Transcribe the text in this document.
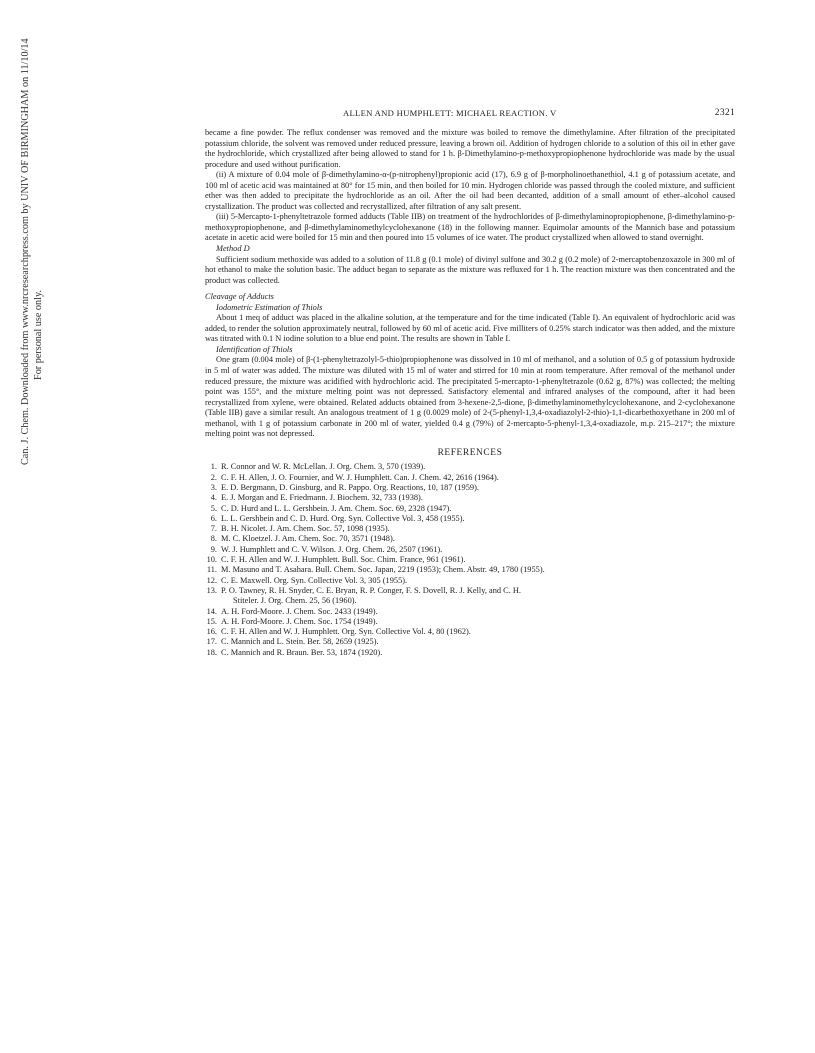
Can. J. Chem. Downloaded from www.nrcresearchpress.com by UNIV OF BIRMINGHAM on 11/10/14 For personal use only.
ALLEN AND HUMPHLETT: MICHAEL REACTION. V	2321

became a fine powder. The reflux condenser was removed and the mixture was boiled to remove the dimethylamine. After filtration of the precipitated potassium chloride, the solvent was removed under reduced pressure, leaving a brown oil. Addition of hydrogen chloride to a solution of this oil in ether gave the hydrochloride, which crystallized after being allowed to stand for 1 h. β-Dimethylamino-p-methoxypropiophenone hydrochloride was made by the usual procedure and used without purification.

(ii) A mixture of 0.04 mole of β-dimethylamino-α-(p-nitrophenyl)propionic acid (17), 6.9 g of β-morpholinoethanethiol, 4.1 g of potassium acetate, and 100 ml of acetic acid was maintained at 80° for 15 min, and then boiled for 10 min. Hydrogen chloride was passed through the cooled mixture, and sufficient ether was then added to precipitate the hydrochloride as an oil. After the oil had been decanted, addition of a small amount of ether–alcohol caused crystallization. The product was collected and recrystallized, after filtration of any salt present.

(iii) 5-Mercapto-1-phenyltetrazole formed adducts (Table IIB) on treatment of the hydrochlorides of β-dimethylaminopropiophenone, β-dimethylamino-p-methoxypropiophenone, and β-dimethylaminomethylcyclohexanone (18) in the following manner. Equimolar amounts of the Mannich base and potassium acetate in acetic acid were boiled for 15 min and then poured into 15 volumes of ice water. The product crystallized when allowed to stand overnight.

Method D

Sufficient sodium methoxide was added to a solution of 11.8 g (0.1 mole) of divinyl sulfone and 30.2 g (0.2 mole) of 2-mercaptobenzoxazole in 300 ml of hot ethanol to make the solution basic. The adduct began to separate as the mixture was refluxed for 1 h. The reaction mixture was then concentrated and the product was collected.

Cleavage of Adducts

Iodometric Estimation of Thiols

About 1 meq of adduct was placed in the alkaline solution, at the temperature and for the time indicated (Table I). An equivalent of hydrochloric acid was added, to render the solution approximately neutral, followed by 60 ml of acetic acid. Five milliters of 0.25% starch indicator was then added, and the mixture was titrated with 0.1 N iodine solution to a blue end point. The results are shown in Table I.

Identification of Thiols

One gram (0.004 mole) of β-(1-phenyltetrazolyl-5-thio)propiophenone was dissolved in 10 ml of methanol, and a solution of 0.5 g of potassium hydroxide in 5 ml of water was added. The mixture was diluted with 15 ml of water and stirred for 10 min at room temperature. After removal of the methanol under reduced pressure, the mixture was acidified with hydrochloric acid. The precipitated 5-mercapto-1-phenyltetrazole (0.62 g, 87%) was collected; the melting point was 155°, and the mixture melting point was not depressed. Satisfactory elemental and infrared analyses of the compound, after it had been recrystallized from xylene, were obtained. Related adducts obtained from 3-hexene-2,5-dione, β-dimethylaminomethylcyclohexanone, and 2-cyclohexanone (Table IIB) gave a similar result. An analogous treatment of 1 g (0.0029 mole) of 2-(5-phenyl-1,3,4-oxadiazolyl-2-thio)-1,1-dicarbethoxyethane in 200 ml of methanol, with 1 g of potassium carbonate in 200 ml of water, yielded 0.4 g (79%) of 2-mercapto-5-phenyl-1,3,4-oxadiazole, m.p. 215–217°; the mixture melting point was not depressed.

REFERENCES
1. R. Connor and W. R. McLellan. J. Org. Chem. 3, 570 (1939).
2. C. F. H. Allen, J. O. Fournier, and W. J. Humphlett. Can. J. Chem. 42, 2616 (1964).
3. E. D. Bergmann, D. Ginsburg, and R. Pappo. Org. Reactions, 10, 187 (1959).
4. E. J. Morgan and E. Friedmann. J. Biochem. 32, 733 (1938).
5. C. D. Hurd and L. L. Gershbein. J. Am. Chem. Soc. 69, 2328 (1947).
6. L. L. Gershbein and C. D. Hurd. Org. Syn. Collective Vol. 3, 458 (1955).
7. B. H. Nicolet. J. Am. Chem. Soc. 57, 1098 (1935).
8. M. C. Kloetzel. J. Am. Chem. Soc. 70, 3571 (1948).
9. W. J. Humphlett and C. V. Wilson. J. Org. Chem. 26, 2507 (1961).
10. C. F. H. Allen and W. J. Humphlett. Bull. Soc. Chim. France, 961 (1961).
11. M. Masuno and T. Asahara. Bull. Chem. Soc. Japan, 2219 (1953); Chem. Abstr. 49, 1780 (1955).
12. C. E. Maxwell. Org. Syn. Collective Vol. 3, 305 (1955).
13. P. O. Tawney, R. H. Snyder, C. E. Bryan, R. P. Conger, F. S. Dovell, R. J. Kelly, and C. H.
Stiteler. J. Org. Chem. 25, 56 (1960).
14. A. H. Ford-Moore. J. Chem. Soc. 2433 (1949).
15. A. H. Ford-Moore. J. Chem. Soc. 1754 (1949).
16. C. F. H. Allen and W. J. Humphlett. Org. Syn. Collective Vol. 4, 80 (1962).
17. C. Mannich and L. Stein. Ber. 58, 2659 (1925).
18. C. Mannich and R. Braun. Ber. 53, 1874 (1920).
